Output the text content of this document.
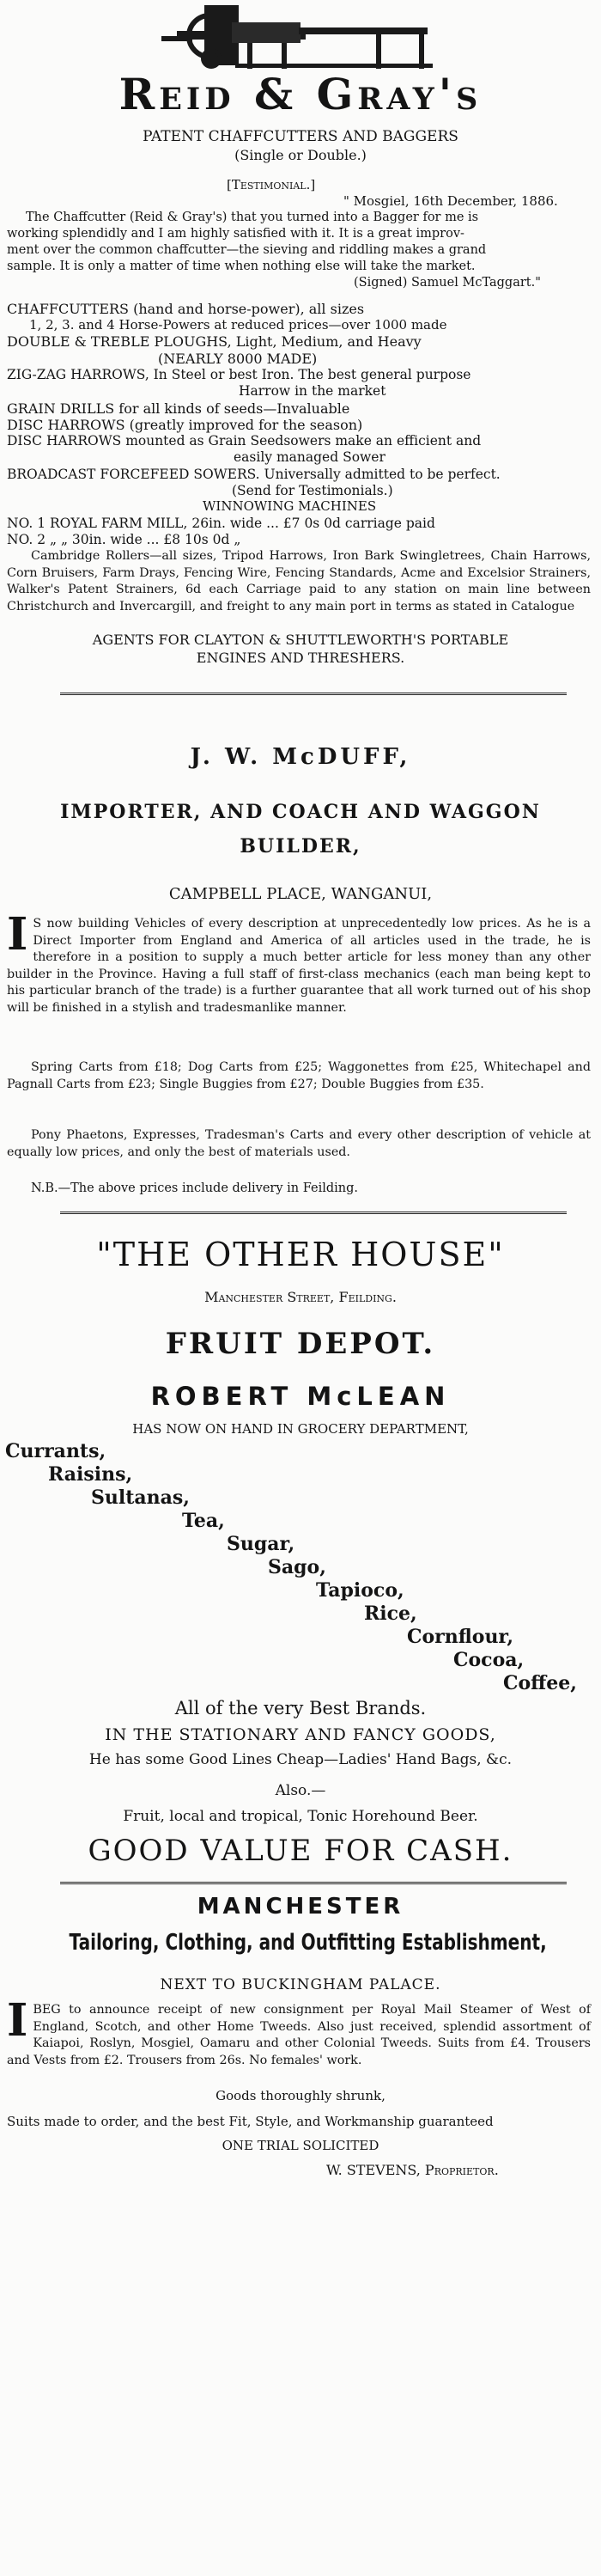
Reid & Gray's
PATENT CHAFFCUTTERS AND BAGGERS
(Single or Double.)
[Testimonial.]
" Mosgiel, 16th December, 1886.
The Chaffcutter (Reid & Gray's) that you turned into a Bagger for me is
working splendidly and I am highly satisfied with it. It is a great improv-
ment over the common chaffcutter—the sieving and riddling makes a grand
sample. It is only a matter of time when nothing else will take the market.
(Signed) Samuel McTaggart."
CHAFFCUTTERS (hand and horse-power), all sizes
1, 2, 3. and 4 Horse-Powers at reduced prices—over 1000 made
DOUBLE & TREBLE PLOUGHS, Light, Medium, and Heavy
(NEARLY 8000 MADE)
ZIG-ZAG HARROWS, In Steel or best Iron. The best general purpose
Harrow in the market
GRAIN DRILLS for all kinds of seeds—Invaluable
DISC HARROWS (greatly improved for the season)
DISC HARROWS mounted as Grain Seedsowers make an efficient and
easily managed Sower
BROADCAST FORCEFEED SOWERS. Universally admitted to be perfect.
(Send for Testimonials.)
WINNOWING MACHINES
NO. 1 ROYAL FARM MILL, 26in. wide ... £7 0s 0d carriage paid
NO. 2 „ „ 30in. wide ... £8 10s 0d „
Cambridge Rollers—all sizes, Tripod Harrows, Iron Bark Swingletrees, Chain Harrows, Corn Bruisers, Farm Drays, Fencing Wire, Fencing Standards, Acme and Excelsior Strainers, Walker's Patent Strainers, 6d each Carriage paid to any station on main line between Christchurch and Invercargill, and freight to any main port in terms as stated in Catalogue
AGENTS FOR CLAYTON & SHUTTLEWORTH'S PORTABLE
ENGINES AND THRESHERS.
J. W. McDUFF,
IMPORTER, AND COACH AND WAGGON
BUILDER,
CAMPBELL PLACE, WANGANUI,
I S now building Vehicles of every description at unprecedentedly low prices. As he is a Direct Importer from England and America of all articles used in the trade, he is therefore in a position to supply a much better article for less money than any other builder in the Province. Having a full staff of first-class mechanics (each man being kept to his particular branch of the trade) is a further guarantee that all work turned out of his shop will be finished in a stylish and tradesmanlike manner.
Spring Carts from £18; Dog Carts from £25; Waggonettes from £25, Whitechapel and Pagnall Carts from £23; Single Buggies from £27; Double Buggies from £35.
Pony Phaetons, Expresses, Tradesman's Carts and every other description of vehicle at equally low prices, and only the best of materials used.
N.B.—The above prices include delivery in Feilding.
"THE OTHER HOUSE"
Manchester Street, Feilding.
FRUIT DEPOT.
ROBERT McLEAN
HAS NOW ON HAND IN GROCERY DEPARTMENT,
Currants,
Raisins,
Sultanas,
Tea,
Sugar,
Sago,
Tapioco,
Rice,
Cornflour,
Cocoa,
Coffee,
All of the very Best Brands.
IN THE STATIONARY AND FANCY GOODS,
He has some Good Lines Cheap—Ladies' Hand Bags, &c.
Also.—
Fruit, local and tropical, Tonic Horehound Beer.
GOOD VALUE FOR CASH.
MANCHESTER
Tailoring, Clothing, and Outfitting Establishment,
NEXT TO BUCKINGHAM PALACE.
IBEG to announce receipt of new consignment per Royal Mail Steamer of West of England, Scotch, and other Home Tweeds. Also just received, splendid assortment of Kaiapoi, Roslyn, Mosgiel, Oamaru and other Colonial Tweeds. Suits from £4. Trousers and Vests from £2. Trousers from 26s. No females' work.
Goods thoroughly shrunk,
Suits made to order, and the best Fit, Style, and Workmanship guaranteed
ONE TRIAL SOLICITED
W. STEVENS, Proprietor.
